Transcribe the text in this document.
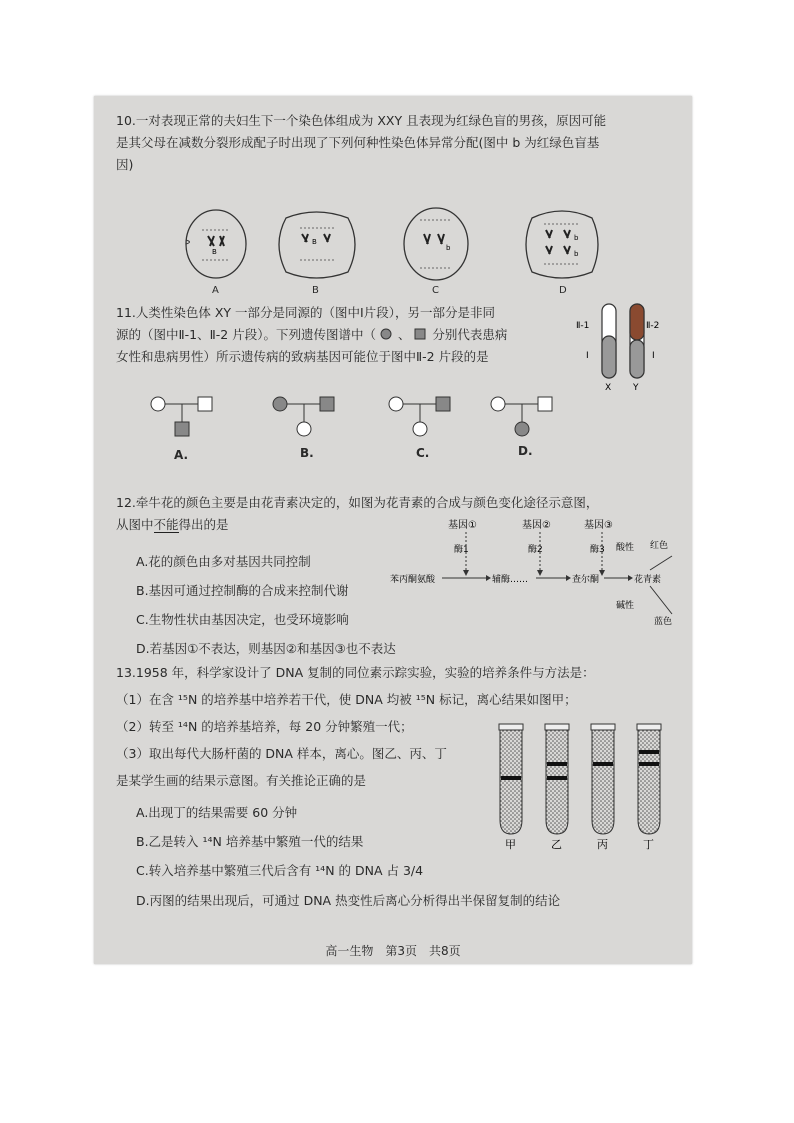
10.一对表现正常的夫妇生下一个染色体组成为 XXY 且表现为红绿色盲的男孩，原因可能
是其父母在减数分裂形成配子时出现了下列何种性染色体异常分配(图中 b 为红绿色盲基
因)
B
B
b
b
b
A	B	C	D
11.人类性染色体 XY 一部分是同源的（图中Ⅰ片段），另一部分是非同
源的（图中Ⅱ-1、Ⅱ-2 片段）。下列遗传图谱中（ 、 分别代表患病
女性和患病男性）所示遗传病的致病基因可能位于图中Ⅱ-2 片段的是
Ⅱ-1	Ⅱ-2
Ⅰ	Ⅰ
X Y
A.	B.	C.	D.
12.牵牛花的颜色主要是由花青素决定的，如图为花青素的合成与颜色变化途径示意图，
从图中不能得出的是
A.花的颜色由多对基因共同控制
B.基因可通过控制酶的合成来控制代谢
C.生物性状由基因决定，也受环境影响
D.若基因①不表达，则基因②和基因③也不表达
基因①	基因②	基因③
酶1	酶2	酶3
苯丙酮氨酸	辅酶……	查尔酮	花青素
酸性 红色
碱性
蓝色
13.1958 年，科学家设计了 DNA 复制的同位素示踪实验，实验的培养条件与方法是：
（1）在含 ¹⁵N 的培养基中培养若干代，使 DNA 均被 ¹⁵N 标记，离心结果如图甲；
（2）转至 ¹⁴N 的培养基培养，每 20 分钟繁殖一代；
（3）取出每代大肠杆菌的 DNA 样本，离心。图乙、丙、丁
是某学生画的结果示意图。有关推论正确的是
A.出现丁的结果需要 60 分钟
B.乙是转入 ¹⁴N 培养基中繁殖一代的结果
C.转入培养基中繁殖三代后含有 ¹⁴N 的 DNA 占 3/4
D.丙图的结果出现后，可通过 DNA 热变性后离心分析得出半保留复制的结论
甲	乙	丙	丁
高一生物　第3页　共8页
